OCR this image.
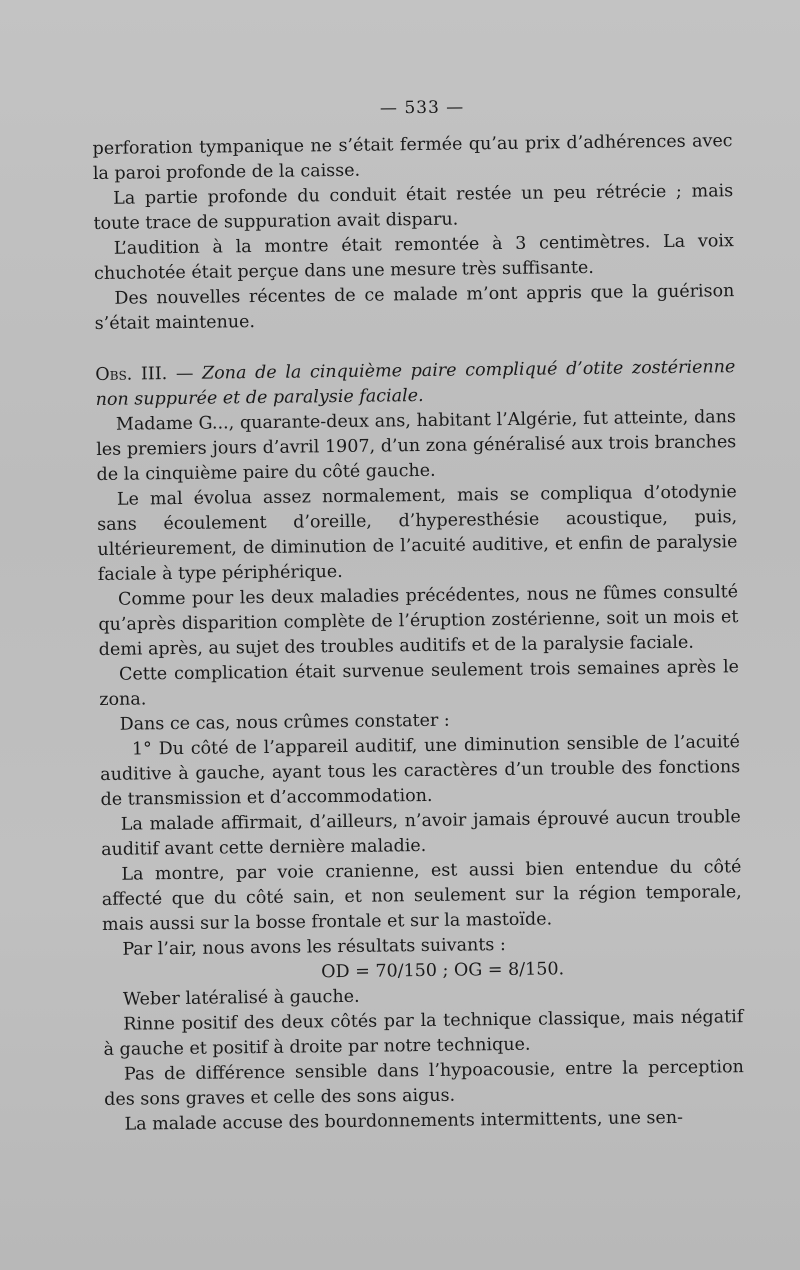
— 533 —

perforation tympanique ne s’était fermée qu’au prix d’adhérences avec la paroi profonde de la caisse.

La partie profonde du conduit était restée un peu rétrécie ; mais toute trace de suppuration avait disparu.

L’audition à la montre était remontée à 3 centimètres. La voix chuchotée était perçue dans une mesure très suffisante.

Des nouvelles récentes de ce malade m’ont appris que la guérison s’était maintenue.

Obs. III. — Zona de la cinquième paire compliqué d’otite zostérienne non suppurée et de paralysie faciale.

Madame G..., quarante-deux ans, habitant l’Algérie, fut atteinte, dans les premiers jours d’avril 1907, d’un zona généralisé aux trois branches de la cinquième paire du côté gauche.

Le mal évolua assez normalement, mais se compliqua d’otodynie sans écoulement d’oreille, d’hyperesthésie acoustique, puis, ultérieurement, de diminution de l’acuité auditive, et enfin de paralysie faciale à type périphérique.

Comme pour les deux maladies précédentes, nous ne fûmes consulté qu’après disparition complète de l’éruption zostérienne, soit un mois et demi après, au sujet des troubles auditifs et de la paralysie faciale.

Cette complication était survenue seulement trois semaines après le zona.

Dans ce cas, nous crûmes constater :

1° Du côté de l’appareil auditif, une diminution sensible de l’acuité auditive à gauche, ayant tous les caractères d’un trouble des fonctions de transmission et d’accommodation.

La malade affirmait, d’ailleurs, n’avoir jamais éprouvé aucun trouble auditif avant cette dernière maladie.

La montre, par voie cranienne, est aussi bien entendue du côté affecté que du côté sain, et non seulement sur la région temporale, mais aussi sur la bosse frontale et sur la mastoïde.

Par l’air, nous avons les résultats suivants :

OD = 70/150 ; OG = 8/150.

Weber latéralisé à gauche.

Rinne positif des deux côtés par la technique classique, mais négatif à gauche et positif à droite par notre technique.

Pas de différence sensible dans l’hypoacousie, entre la perception des sons graves et celle des sons aigus.

La malade accuse des bourdonnements intermittents, une sen-
